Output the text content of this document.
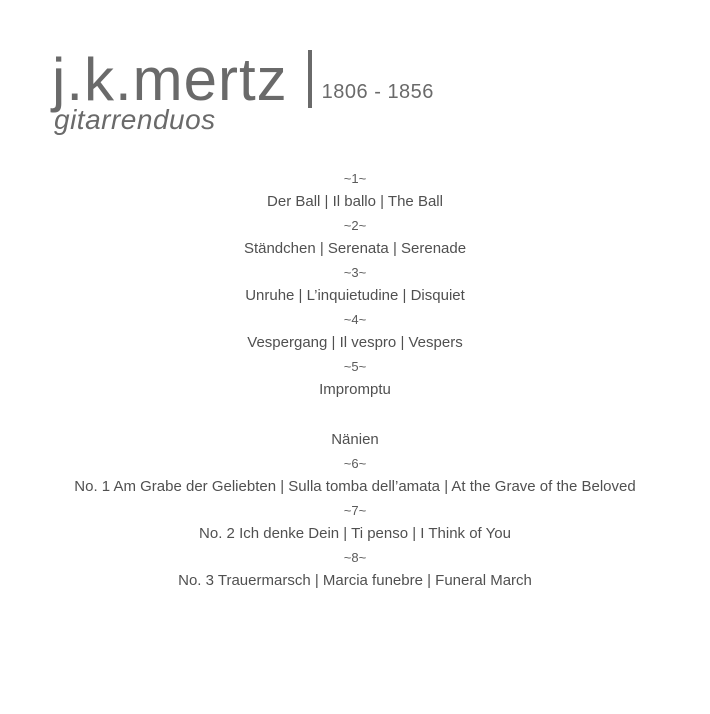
j.k.mertz 1806 - 1856
gitarrenduos
~1~
Der Ball | Il ballo | The Ball
~2~
Ständchen | Serenata | Serenade
~3~
Unruhe | L’inquietudine | Disquiet
~4~
Vespergang | Il vespro | Vespers
~5~
Impromptu
Nänien
~6~
No. 1 Am Grabe der Geliebten | Sulla tomba dell’amata | At the Grave of the Beloved
~7~
No. 2 Ich denke Dein | Ti penso | I Think of You
~8~
No. 3 Trauermarsch | Marcia funebre | Funeral March
